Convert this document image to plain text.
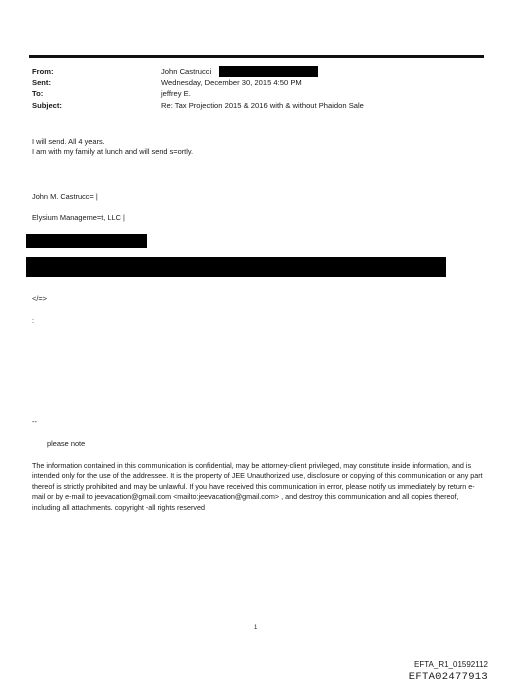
From:
Sent:
To:
Subject:
John Castrucci
Wednesday, December 30, 2015 4:50 PM
jeffrey E.
Re: Tax Projection 2015 & 2016 with & without Phaidon Sale
I will send. All 4 years.
I am with my family at lunch and will send s=ortly.
John M. Castrucc= |
Elysium Manageme=t, LLC |
</=>
:
--
please note
The information contained in this communication is confidential, may be attorney-client privileged, may constitute inside information, and is intended only for the use of the addressee. It is the property of JEE Unauthorized use, disclosure or copying of this communication or any part thereof is strictly prohibited and may be unlawful. If you have received this communication in error, please notify us immediately by return e-mail or by e-mail to jeevacation@gmail.com <mailto:jeevacation@gmail.com> , and destroy this communication and all copies thereof, including all attachments. copyright -all rights reserved
1
EFTA_R1_01592112
EFTA02477913
